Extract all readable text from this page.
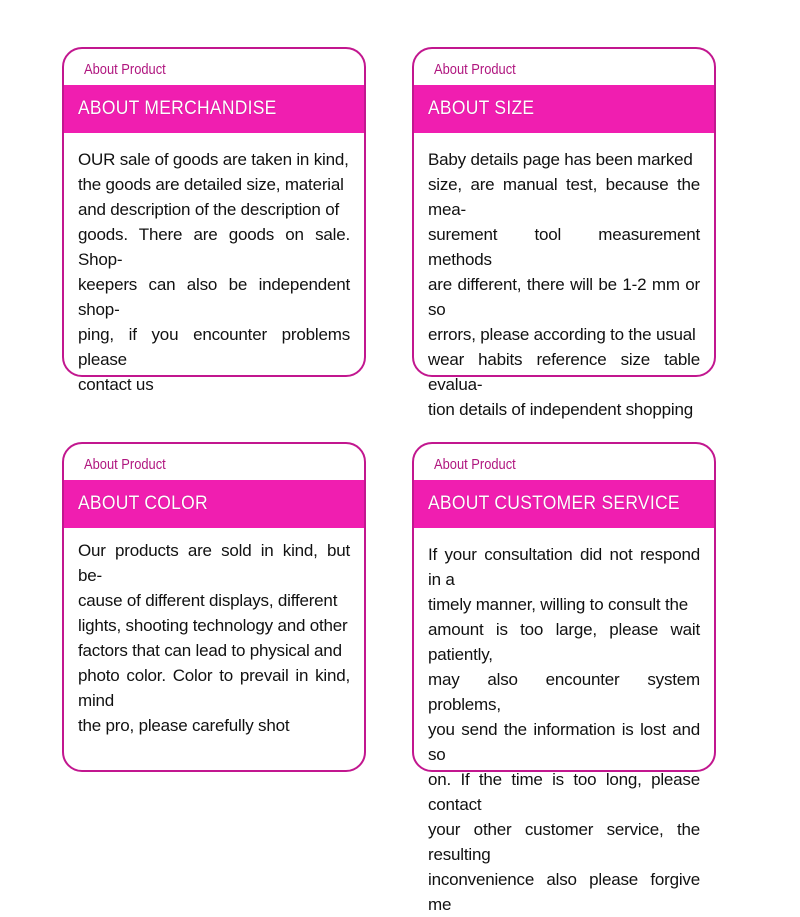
About Product
ABOUT MERCHANDISE
OUR sale of goods are taken in kind,
the goods are detailed size, material
and description of the description of
goods. There are goods on sale. Shop-
keepers can also be independent shop-
ping, if you encounter problems please
contact us
About Product
ABOUT SIZE
Baby details page has been marked
size, are manual test, because the mea-
surement tool measurement methods
are different, there will be 1-2 mm or so
errors, please according to the usual
wear habits reference size table evalua-
tion details of independent shopping
About Product
ABOUT COLOR
Our products are sold in kind, but be-
cause of different displays, different
lights, shooting technology and other
factors that can lead to physical and
photo color. Color to prevail in kind, mind
the pro, please carefully shot
About Product
ABOUT CUSTOMER SERVICE
If your consultation did not respond in a
timely manner, willing to consult the
amount is too large, please wait patiently,
may also encounter system problems,
you send the information is lost and so
on. If the time is too long, please contact
your other customer service, the resulting
inconvenience also please forgive me
